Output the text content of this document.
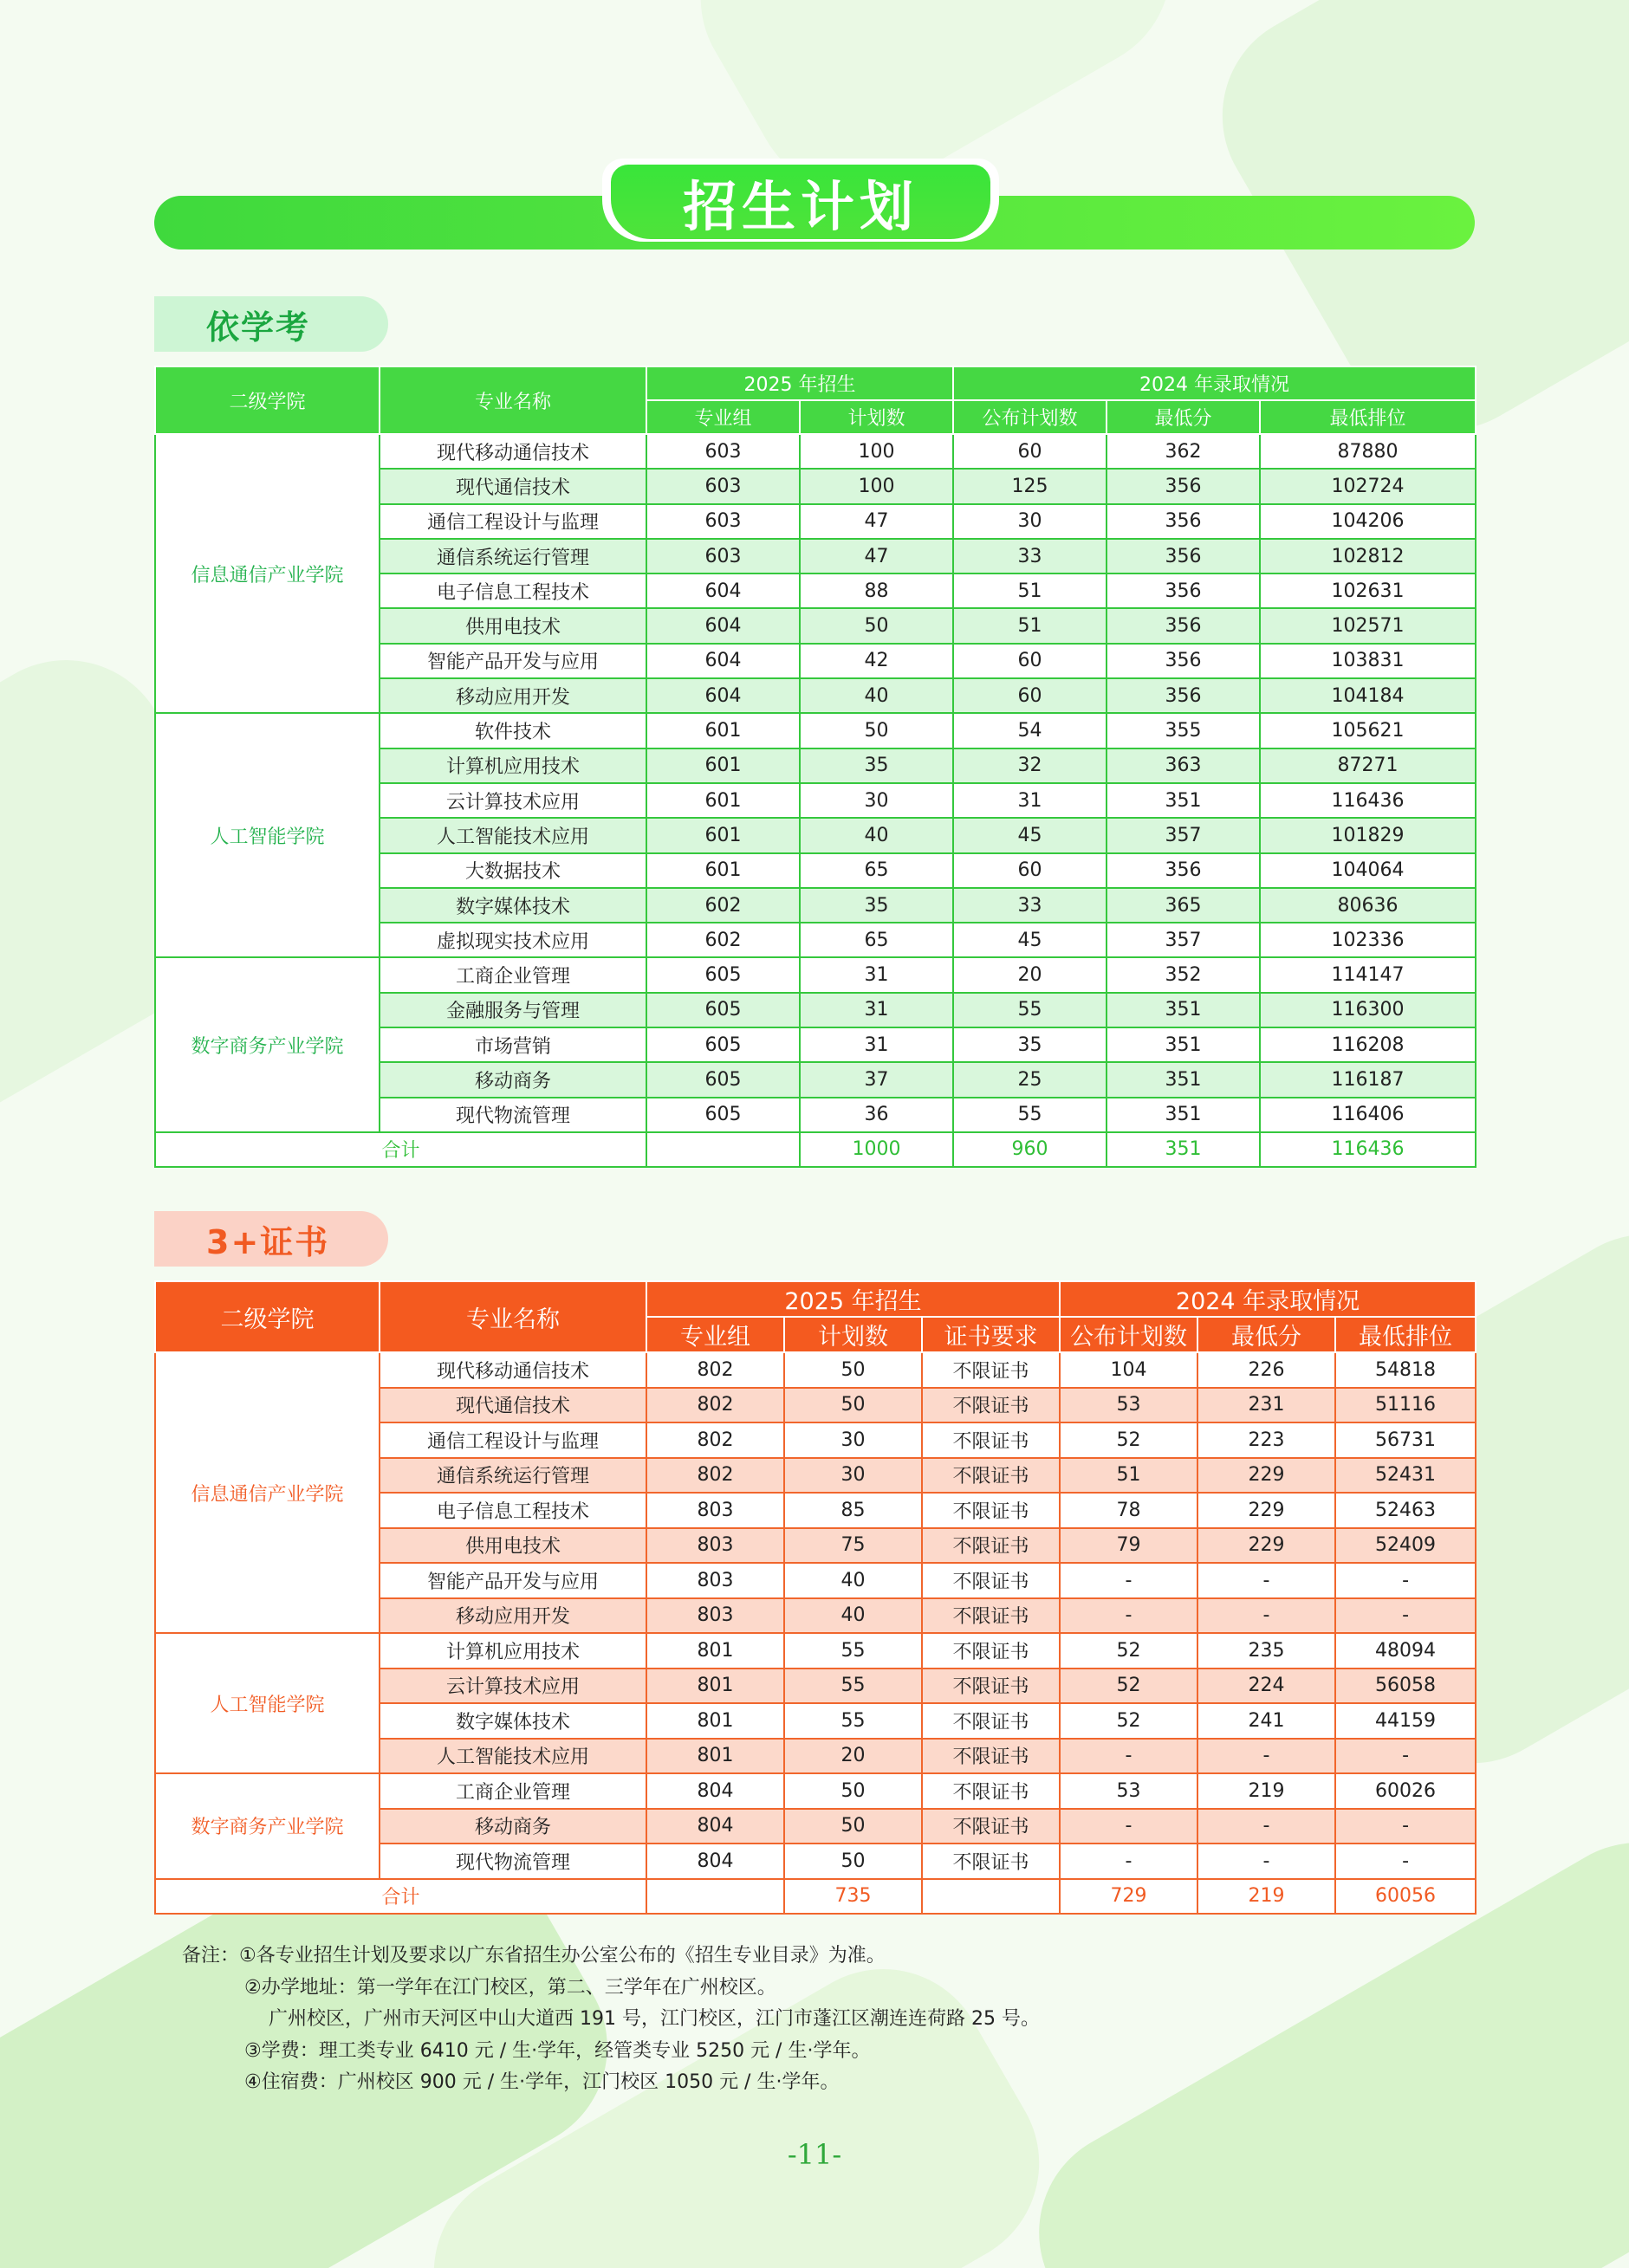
招生计划
依学考
二级学院	专业名称	2025 年招生		2024 年录取情况		
		专业组	计划数	公布计划数	最低分	最低排位
信息通信产业学院	现代移动通信技术	603	100	60	362	87880
	现代通信技术	603	100	125	356	102724
	通信工程设计与监理	603	47	30	356	104206
	通信系统运行管理	603	47	33	356	102812
	电子信息工程技术	604	88	51	356	102631
	供用电技术	604	50	51	356	102571
	智能产品开发与应用	604	42	60	356	103831
	移动应用开发	604	40	60	356	104184
人工智能学院	软件技术	601	50	54	355	105621
	计算机应用技术	601	35	32	363	87271
	云计算技术应用	601	30	31	351	116436
	人工智能技术应用	601	40	45	357	101829
	大数据技术	601	65	60	356	104064
	数字媒体技术	602	35	33	365	80636
	虚拟现实技术应用	602	65	45	357	102336
数字商务产业学院	工商企业管理	605	31	20	352	114147
	金融服务与管理	605	31	55	351	116300
	市场营销	605	31	35	351	116208
	移动商务	605	37	25	351	116187
	现代物流管理	605	36	55	351	116406
合计			1000	960	351	116436
3+证书
二级学院	专业名称	2025 年招生			2024 年录取情况		
		专业组	计划数	证书要求	公布计划数	最低分	最低排位
信息通信产业学院	现代移动通信技术	802	50	不限证书	104	226	54818
	现代通信技术	802	50	不限证书	53	231	51116
	通信工程设计与监理	802	30	不限证书	52	223	56731
	通信系统运行管理	802	30	不限证书	51	229	52431
	电子信息工程技术	803	85	不限证书	78	229	52463
	供用电技术	803	75	不限证书	79	229	52409
	智能产品开发与应用	803	40	不限证书	-	-	-
	移动应用开发	803	40	不限证书	-	-	-
人工智能学院	计算机应用技术	801	55	不限证书	52	235	48094
	云计算技术应用	801	55	不限证书	52	224	56058
	数字媒体技术	801	55	不限证书	52	241	44159
	人工智能技术应用	801	20	不限证书	-	-	-
数字商务产业学院	工商企业管理	804	50	不限证书	53	219	60026
	移动商务	804	50	不限证书	-	-	-
	现代物流管理	804	50	不限证书	-	-	-
合计			735		729	219	60056
备注：①各专业招生计划及要求以广东省招生办公室公布的《招生专业目录》为准。
②办学地址：第一学年在江门校区，第二、三学年在广州校区。
广州校区，广州市天河区中山大道西 191 号，江门校区，江门市蓬江区潮连连荷路 25 号。
③学费：理工类专业 6410 元 / 生·学年，经管类专业 5250 元 / 生·学年。
④住宿费：广州校区 900 元 / 生·学年，江门校区 1050 元 / 生·学年。
-11-
